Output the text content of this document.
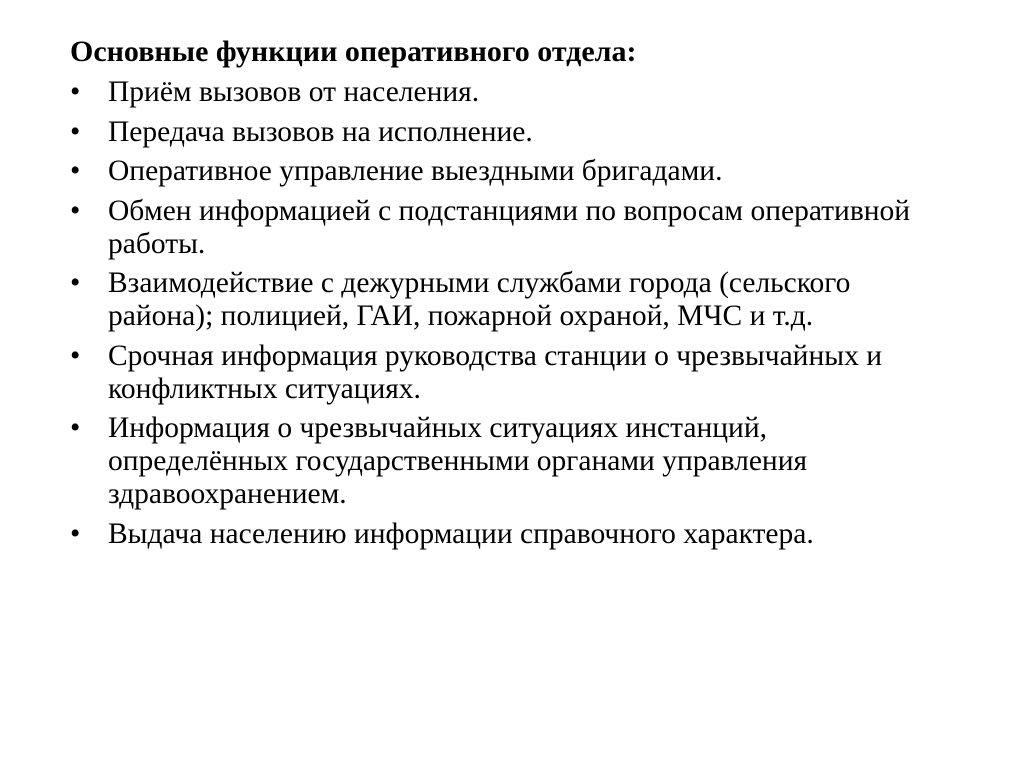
Основные функции оперативного отдела:
• Приём вызовов от населения.
• Передача вызовов на исполнение.
• Оперативное управление выездными бригадами.
• Обмен информацией с подстанциями по вопросам оперативной работы.
• Взаимодействие с дежурными службами города (сельского района); полицией, ГАИ, пожарной охраной, МЧС и т.д.
• Срочная информация руководства станции о чрезвычайных и конфликтных ситуациях.
• Информация о чрезвычайных ситуациях инстанций, определённых государственными органами управления здравоохранением.
• Выдача населению информации справочного характера.
